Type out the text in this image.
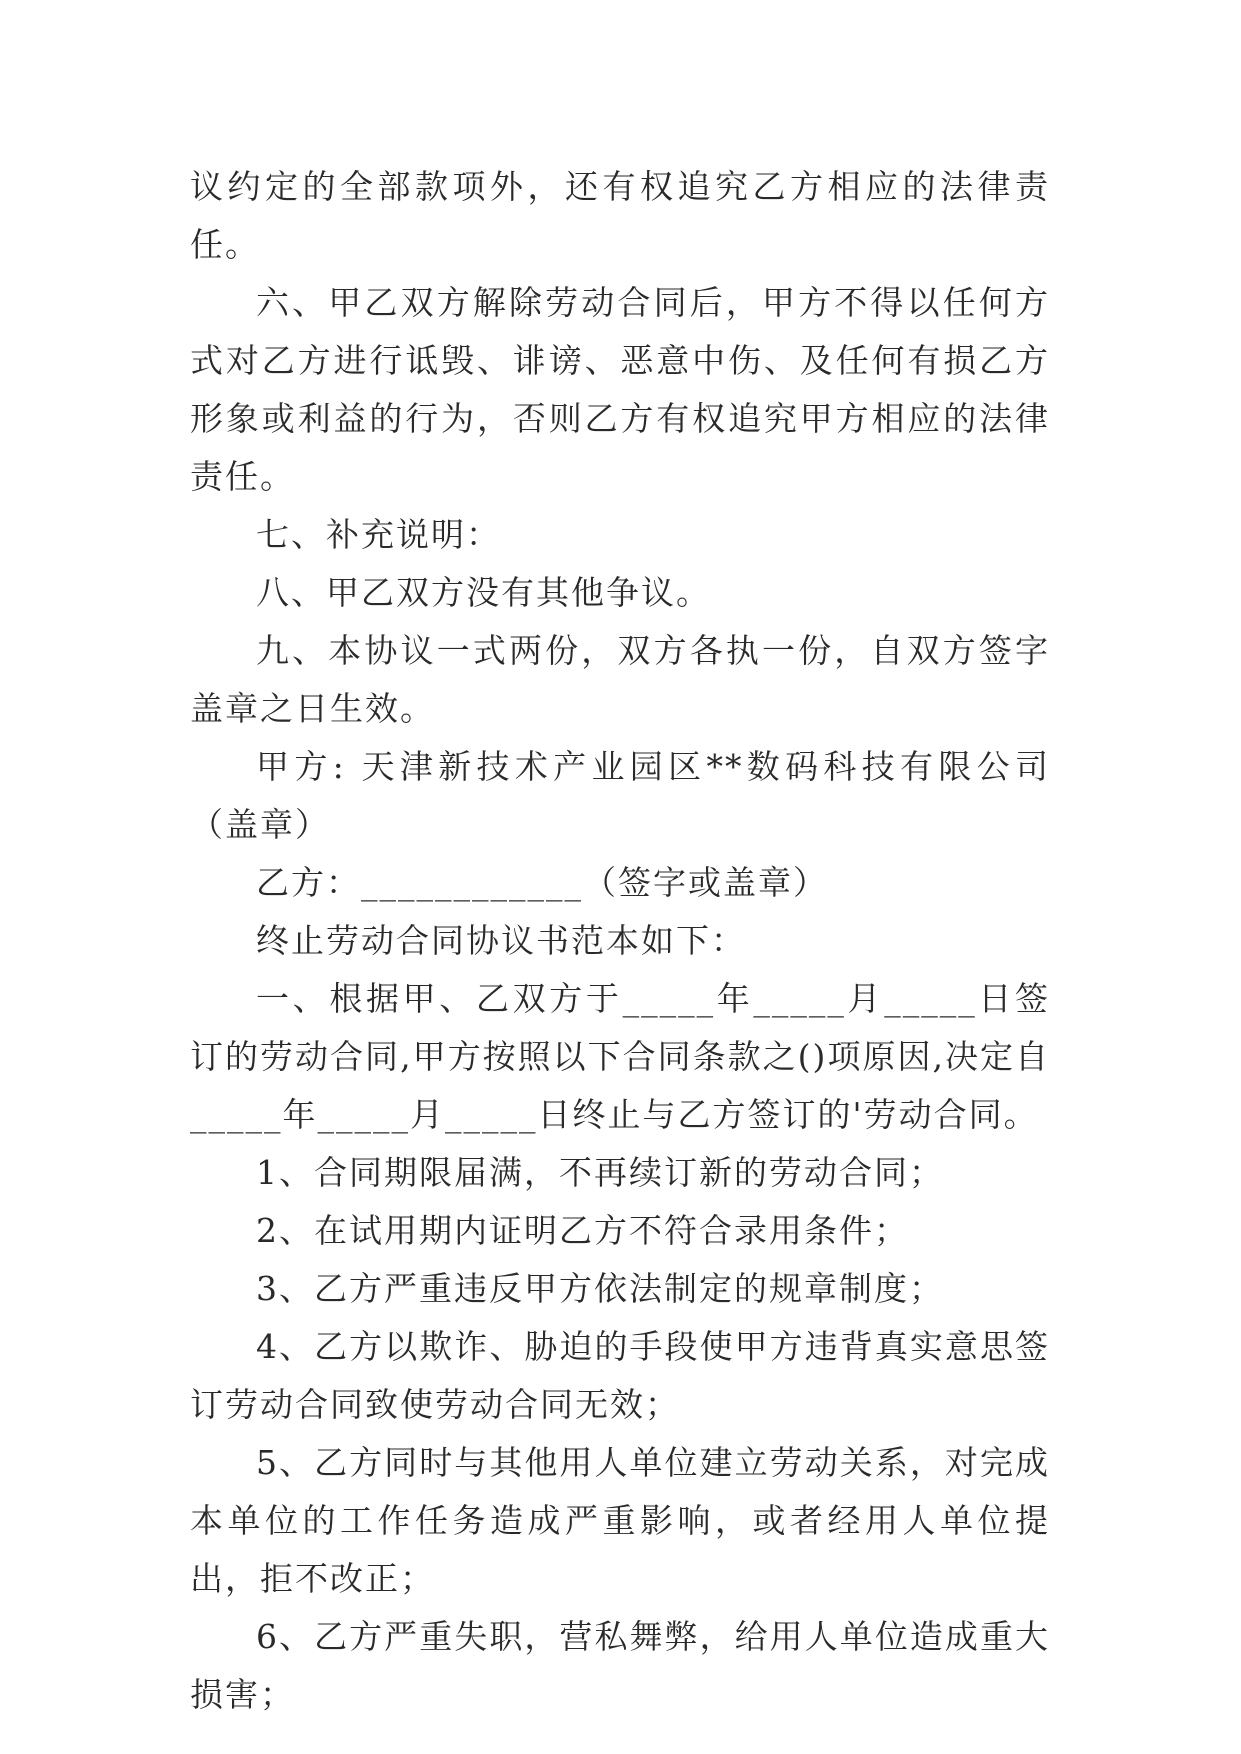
议约定的全部款项外，还有权追究乙方相应的法律责任。

六、甲乙双方解除劳动合同后，甲方不得以任何方式对乙方进行诋毁、诽谤、恶意中伤、及任何有损乙方形象或利益的行为，否则乙方有权追究甲方相应的法律责任。

七、补充说明：

八、甲乙双方没有其他争议。

九、本协议一式两份，双方各执一份，自双方签字盖章之日生效。

甲方: 天津新技术产业园区**数码科技有限公司（盖章）

乙方：____________（签字或盖章）

终止劳动合同协议书范本如下：

一、根据甲、乙双方于_____年_____月_____日签订的劳动合同,甲方按照以下合同条款之()项原因,决定自_____年_____月_____日终止与乙方签订的'劳动合同。

1、合同期限届满，不再续订新的劳动合同；

2、在试用期内证明乙方不符合录用条件；

3、乙方严重违反甲方依法制定的规章制度；

4、乙方以欺诈、胁迫的手段使甲方违背真实意思签订劳动合同致使劳动合同无效；

5、乙方同时与其他用人单位建立劳动关系，对完成本单位的工作任务造成严重影响，或者经用人单位提出，拒不改正；

6、乙方严重失职，营私舞弊，给用人单位造成重大损害；
